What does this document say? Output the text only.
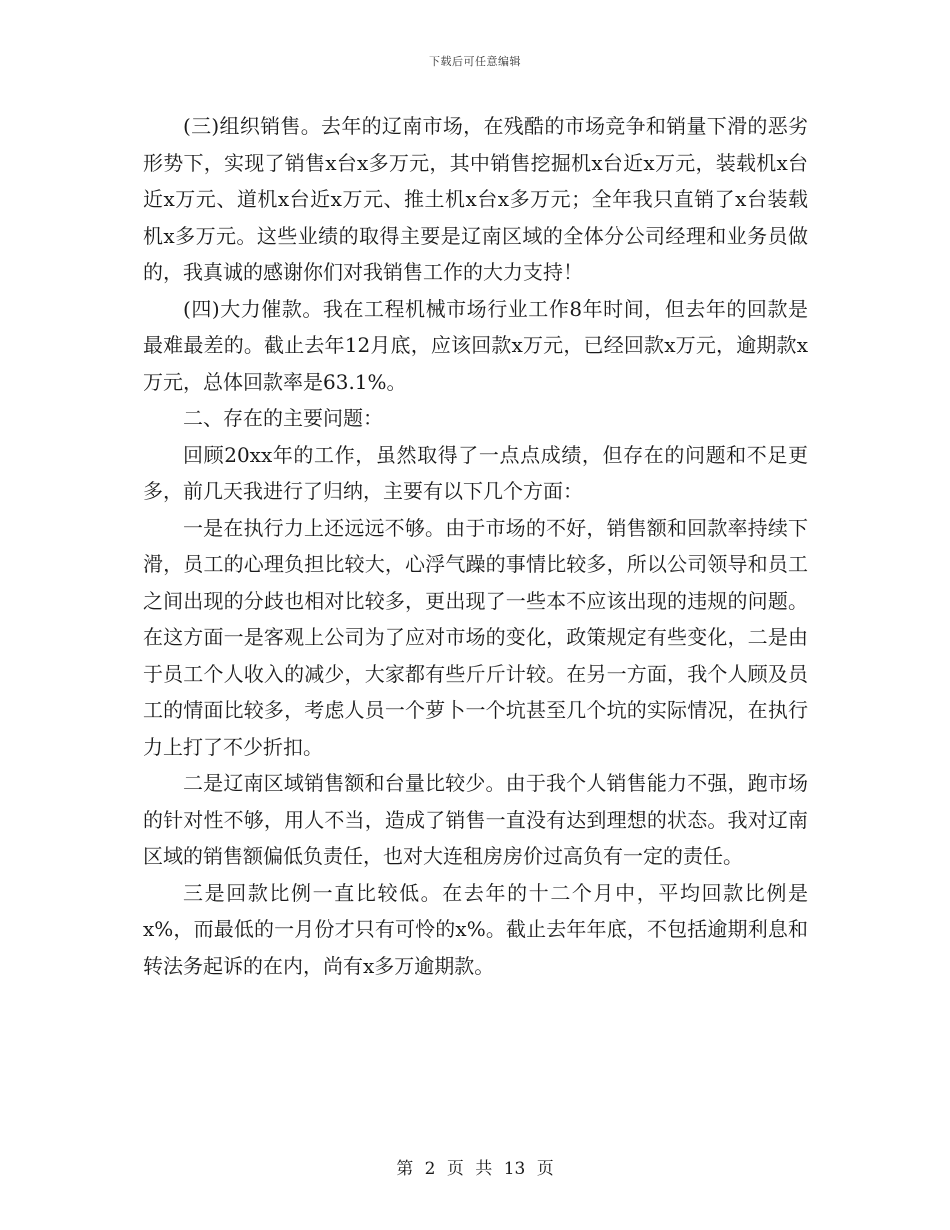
下载后可任意编辑

(三)组织销售。去年的辽南市场，在残酷的市场竞争和销量下滑的恶劣形势下，实现了销售x台x多万元，其中销售挖掘机x台近x万元，装载机x台近x万元、道机x台近x万元、推土机x台x多万元；全年我只直销了x台装载机x多万元。这些业绩的取得主要是辽南区域的全体分公司经理和业务员做的，我真诚的感谢你们对我销售工作的大力支持！

(四)大力催款。我在工程机械市场行业工作8年时间，但去年的回款是最难最差的。截止去年12月底，应该回款x万元，已经回款x万元，逾期款x万元，总体回款率是63.1%。

二、存在的主要问题：

回顾20xx年的工作，虽然取得了一点点成绩，但存在的问题和不足更多，前几天我进行了归纳，主要有以下几个方面：

一是在执行力上还远远不够。由于市场的不好，销售额和回款率持续下滑，员工的心理负担比较大，心浮气躁的事情比较多，所以公司领导和员工之间出现的分歧也相对比较多，更出现了一些本不应该出现的违规的问题。在这方面一是客观上公司为了应对市场的变化，政策规定有些变化，二是由于员工个人收入的减少，大家都有些斤斤计较。在另一方面，我个人顾及员工的情面比较多，考虑人员一个萝卜一个坑甚至几个坑的实际情况，在执行力上打了不少折扣。

二是辽南区域销售额和台量比较少。由于我个人销售能力不强，跑市场的针对性不够，用人不当，造成了销售一直没有达到理想的状态。我对辽南区域的销售额偏低负责任，也对大连租房房价过高负有一定的责任。

三是回款比例一直比较低。在去年的十二个月中，平均回款比例是x%，而最低的一月份才只有可怜的x%。截止去年年底，不包括逾期利息和转法务起诉的在内，尚有x多万逾期款。

第 2 页 共 13 页
